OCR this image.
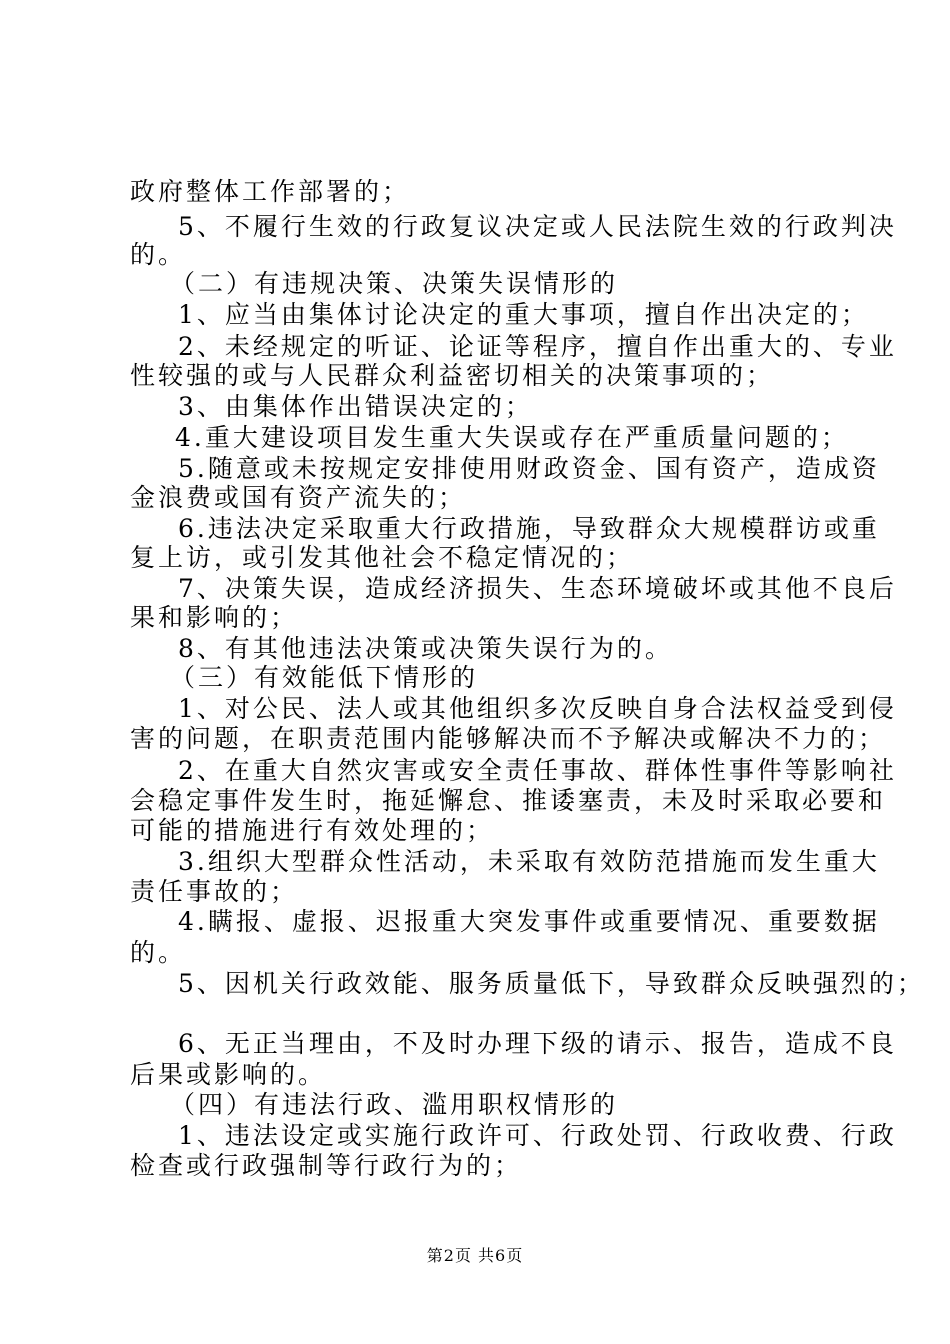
政府整体工作部署的；
5、不履行生效的行政复议决定或人民法院生效的行政判决
的。
（二）有违规决策、决策失误情形的
1、应当由集体讨论决定的重大事项，擅自作出决定的；
2、未经规定的听证、论证等程序，擅自作出重大的、专业
性较强的或与人民群众利益密切相关的决策事项的；
3、由集体作出错误决定的；
4.重大建设项目发生重大失误或存在严重质量问题的；
5.随意或未按规定安排使用财政资金、国有资产，造成资
金浪费或国有资产流失的；
6.违法决定采取重大行政措施，导致群众大规模群访或重
复上访，或引发其他社会不稳定情况的；
7、决策失误，造成经济损失、生态环境破坏或其他不良后
果和影响的；
8、有其他违法决策或决策失误行为的。
（三）有效能低下情形的
1、对公民、法人或其他组织多次反映自身合法权益受到侵
害的问题，在职责范围内能够解决而不予解决或解决不力的；
2、在重大自然灾害或安全责任事故、群体性事件等影响社
会稳定事件发生时，拖延懈怠、推诿塞责，未及时采取必要和
可能的措施进行有效处理的；
3.组织大型群众性活动，未采取有效防范措施而发生重大
责任事故的；
4.瞒报、虚报、迟报重大突发事件或重要情况、重要数据
的。
5、因机关行政效能、服务质量低下，导致群众反映强烈的；
6、无正当理由，不及时办理下级的请示、报告，造成不良
后果或影响的。
（四）有违法行政、滥用职权情形的
1、违法设定或实施行政许可、行政处罚、行政收费、行政
检查或行政强制等行政行为的；
第2页 共6页
